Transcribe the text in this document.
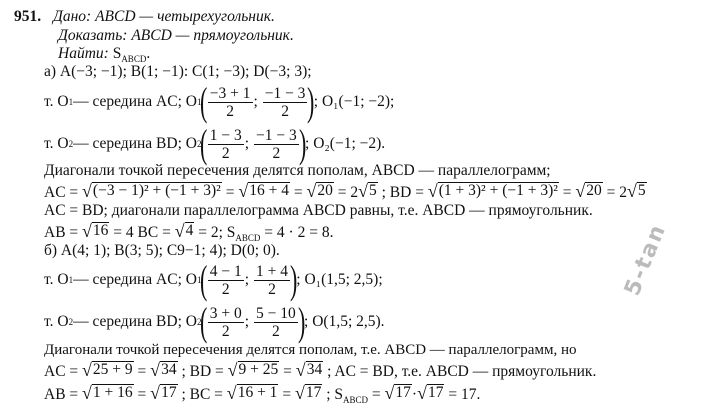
951. Дано: ABCD — четырехугольник.
Доказать: ABCD — прямоугольник.
Найти: $S_{ABCD}$.
а) A(−3; −1); B(1; −1): C(1; −3); D(−3; 3);
т. O 1 — середина AC; O 1
( $\frac{-3 + 1}{2}$ ; $\frac{-1 - 3}{2}$ )
; O₁(−1; −2);
т. O 2 — середина BD; O 2
( $\frac{1 - 3}{2}$ ; $\frac{-1 - 3}{2}$ )
; O₂(−1; −2).
Диагонали точкой пересечения делятся пополам, ABCD — параллелограмм;
AC = √ (−3 − 1)² + (−1 + 3)² = √ 16 + 4 = √ 20 = 2 √ 5 ; BD = √ (1 + 3)² + (−1 + 3)² = √ 20 = 2 √ 5
AC = BD; диагонали параллелограмма ABCD равны, т.е. ABCD — прямоугольник.
AB = √ 16 = 4 BC = √ 4 = 2; $S_{ABCD} = 4 \cdot 2 = 8$.
б) A(4; 1); B(3; 5); C9−1; 4); D(0; 0).
т. O 1 — середина AC; O 1
( $\frac{4 - 1}{2}$ ; $\frac{1 + 4}{2}$ )
; O₁(1,5; 2,5);
т. O 2 — середина BD; O 2
( $\frac{3 + 0}{2}$ ; $\frac{5 - 10}{2}$ )
; O(1,5; 2,5).
Диагонали точкой пересечения делятся пополам, т.е. ABCD — параллелограмм, но
AC = √ 25 + 9 = √ 34 ; BD = √ 9 + 25 = √ 34 ; AC = BD, т.е. ABCD — прямоугольник.
AB = √ 1 + 16 = √ 17 ; BC = √ 16 + 1 = √ 17 ; $S_{ABCD}$ = √ 17 · √ 17 = 17.
5-tan
